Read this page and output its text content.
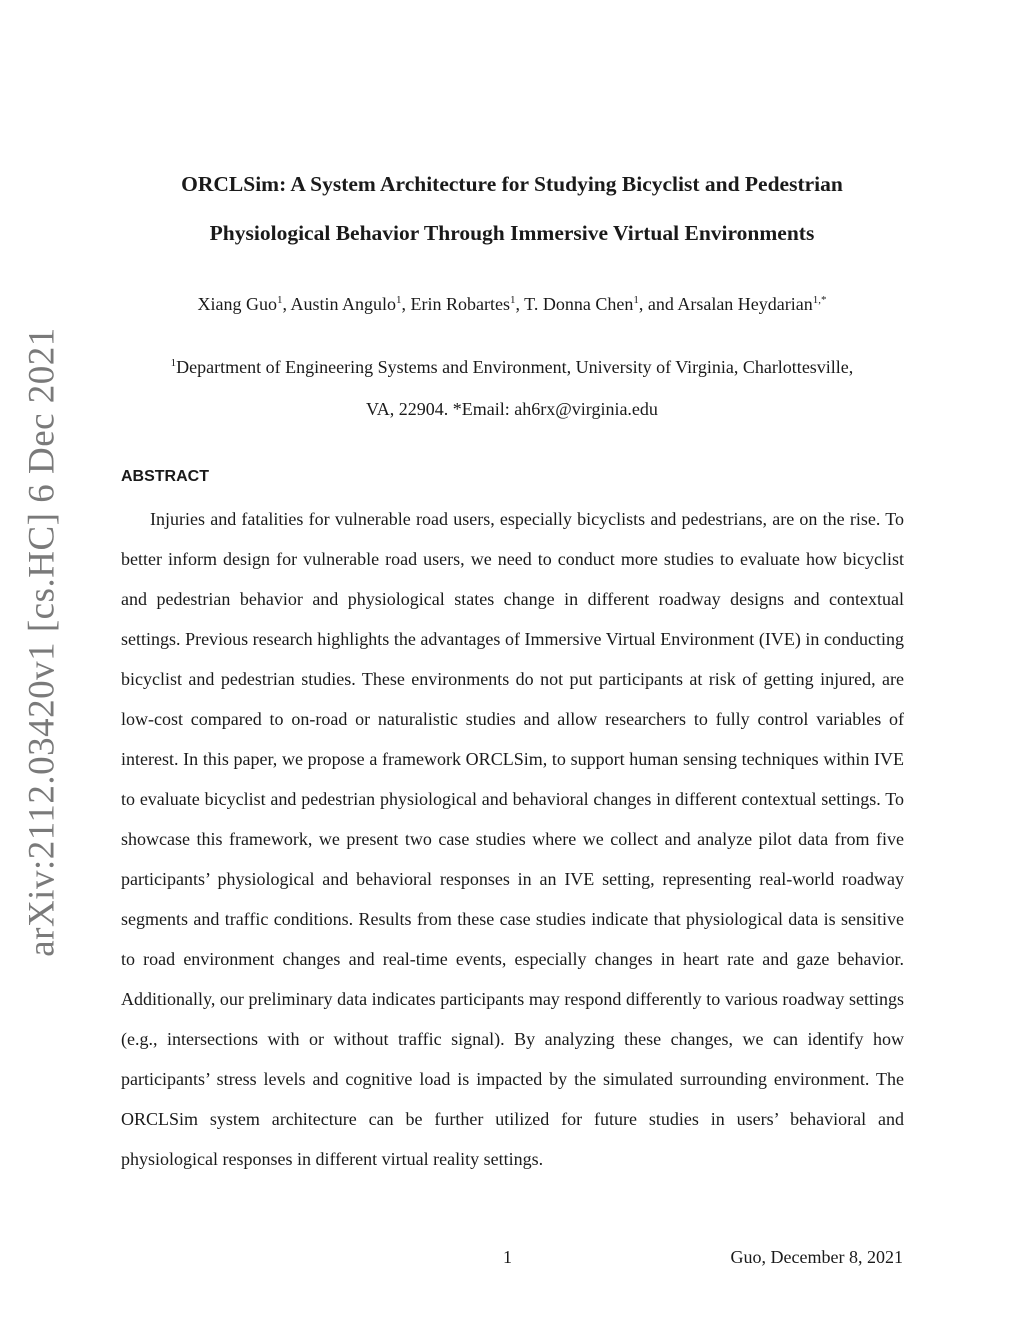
arXiv:2112.03420v1 [cs.HC] 6 Dec 2021
ORCLSim: A System Architecture for Studying Bicyclist and Pedestrian
Physiological Behavior Through Immersive Virtual Environments
Xiang Guo$^1$, Austin Angulo$^1$, Erin Robartes$^1$, T. Donna Chen$^1$, and Arsalan Heydarian$^{1,*}$
$^1$Department of Engineering Systems and Environment, University of Virginia, Charlottesville,
VA, 22904. *Email: ah6rx@virginia.edu
ABSTRACT

Injuries and fatalities for vulnerable road users, especially bicyclists and pedestrians, are on the rise. To better inform design for vulnerable road users, we need to conduct more studies to evaluate how bicyclist and pedestrian behavior and physiological states change in different roadway designs and contextual settings. Previous research highlights the advantages of Immersive Virtual Environment (IVE) in conducting bicyclist and pedestrian studies. These environments do not put participants at risk of getting injured, are low-cost compared to on-road or naturalistic studies and allow researchers to fully control variables of interest. In this paper, we propose a framework ORCLSim, to support human sensing techniques within IVE to evaluate bicyclist and pedestrian physiological and behavioral changes in different contextual settings. To showcase this framework, we present two case studies where we collect and analyze pilot data from five participants’ physiological and behavioral responses in an IVE setting, representing real-world roadway segments and traffic conditions. Results from these case studies indicate that physiological data is sensitive to road environment changes and real-time events, especially changes in heart rate and gaze behavior. Additionally, our preliminary data indicates participants may respond differently to various roadway settings (e.g., intersections with or without traffic signal). By analyzing these changes, we can identify how participants’ stress levels and cognitive load is impacted by the simulated surrounding environment. The ORCLSim system architecture can be further utilized for future studies in users’ behavioral and physiological responses in different virtual reality settings.

1	Guo, December 8, 2021
